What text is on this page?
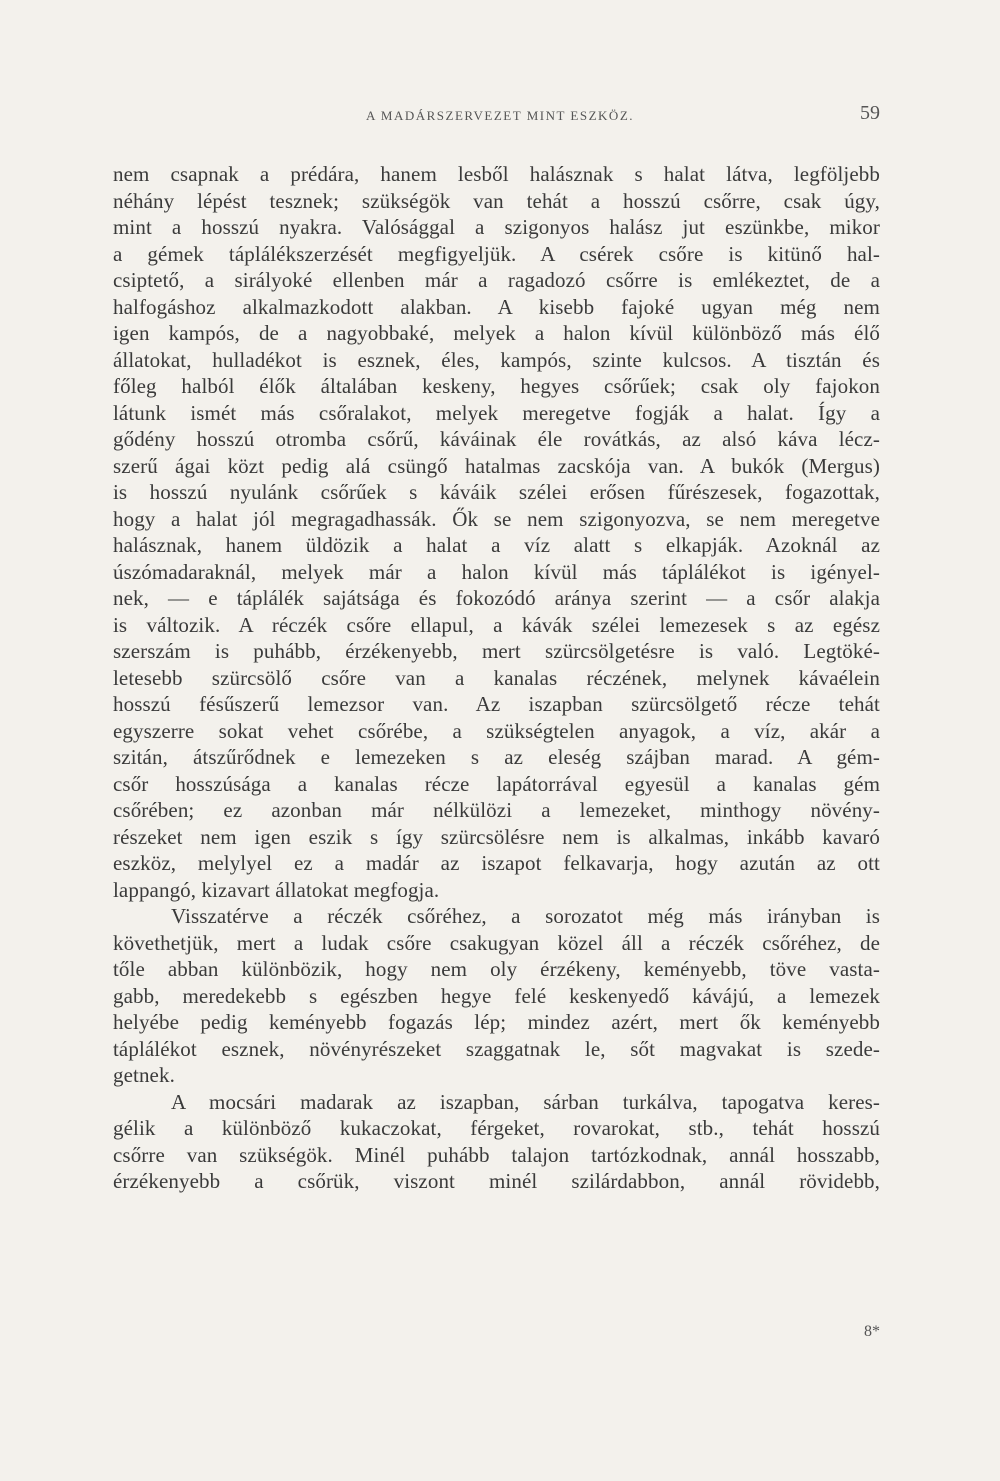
A MADÁRSZERVEZET MINT ESZKÖZ.	59
nem csapnak a prédára, hanem lesből halásznak s halat látva, legföljebb
néhány lépést tesznek; szükségök van tehát a hosszú csőrre, csak úgy,
mint a hosszú nyakra. Valósággal a szigonyos halász jut eszünkbe, mikor
a gémek táplálékszerzését megfigyeljük. A csérek csőre is kitünő hal-
csiptető, a sirályoké ellenben már a ragadozó csőrre is emlékeztet, de a
halfogáshoz alkalmazkodott alakban. A kisebb fajoké ugyan még nem
igen kampós, de a nagyobbaké, melyek a halon kívül különböző más élő
állatokat, hulladékot is esznek, éles, kampós, szinte kulcsos. A tisztán és
főleg halból élők általában keskeny, hegyes csőrűek; csak oly fajokon
látunk ismét más csőralakot, melyek meregetve fogják a halat. Így a
gődény hosszú otromba csőrű, káváinak éle rovátkás, az alsó káva lécz-
szerű ágai közt pedig alá csüngő hatalmas zacskója van. A bukók (Mergus)
is hosszú nyulánk csőrűek s káváik szélei erősen fűrészesek, fogazottak,
hogy a halat jól megragadhassák. Ők se nem szigonyozva, se nem meregetve
halásznak, hanem üldözik a halat a víz alatt s elkapják. Azoknál az
úszómadaraknál, melyek már a halon kívül más táplálékot is igényel-
nek, — e táplálék sajátsága és fokozódó aránya szerint — a csőr alakja
is változik. A réczék csőre ellapul, a kávák szélei lemezesek s az egész
szerszám is puhább, érzékenyebb, mert szürcsölgetésre is való. Legtöké-
letesebb szürcsölő csőre van a kanalas réczének, melynek kávaélein
hosszú fésűszerű lemezsor van. Az iszapban szürcsölgető récze tehát
egyszerre sokat vehet csőrébe, a szükségtelen anyagok, a víz, akár a
szitán, átszűrődnek e lemezeken s az eleség szájban marad. A gém-
csőr hosszúsága a kanalas récze lapátorrával egyesül a kanalas gém
csőrében; ez azonban már nélkülözi a lemezeket, minthogy növény-
részeket nem igen eszik s így szürcsölésre nem is alkalmas, inkább kavaró
eszköz, melylyel ez a madár az iszapot felkavarja, hogy azután az ott
lappangó, kizavart állatokat megfogja.
Visszatérve a réczék csőréhez, a sorozatot még más irányban is
követhetjük, mert a ludak csőre csakugyan közel áll a réczék csőréhez, de
tőle abban különbözik, hogy nem oly érzékeny, keményebb, töve vasta-
gabb, meredekebb s egészben hegye felé keskenyedő kávájú, a lemezek
helyébe pedig keményebb fogazás lép; mindez azért, mert ők keményebb
táplálékot esznek, növényrészeket szaggatnak le, sőt magvakat is szede-
getnek.
A mocsári madarak az iszapban, sárban turkálva, tapogatva keres-
gélik a különböző kukaczokat, férgeket, rovarokat, stb., tehát hosszú
csőrre van szükségök. Minél puhább talajon tartózkodnak, annál hosszabb,
érzékenyebb a csőrük, viszont minél szilárdabbon, annál rövidebb,
8*
